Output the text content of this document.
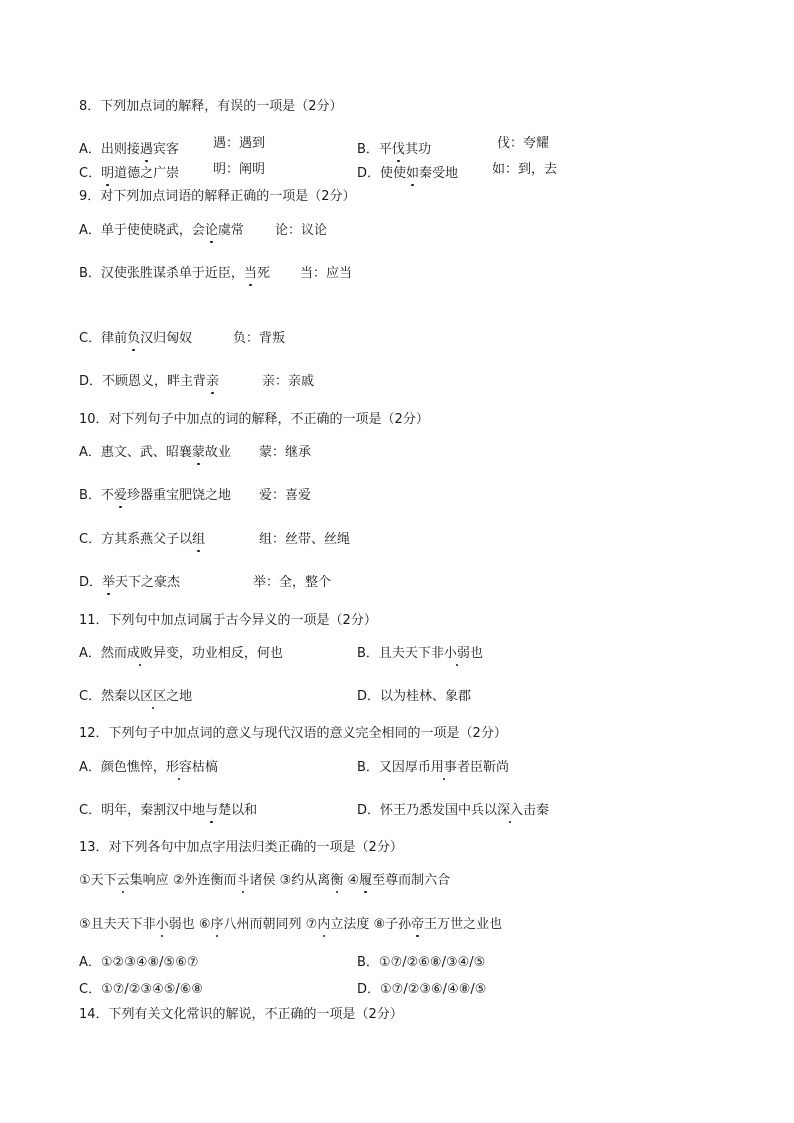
8．下列加点词的解释，有误的一项是（2分）
A．出则接遇宾客	遇：遇到	B．平伐其功	伐：夸耀
C．明道德之广崇	明：阐明	D．使使如秦受地	如：到，去
9．对下列加点词语的解释正确的一项是（2分）
A．单于使使晓武，会论虞常 论：议论
B．汉使张胜谋杀单于近臣，当死 当：应当
C．律前负汉归匈奴	负：背叛
D．不顾恩义，畔主背亲	亲：亲戚
10．对下列句子中加点的词的解释，不正确的一项是（2分）
A．惠文、武、昭襄蒙故业 蒙：继承
B．不爱珍器重宝肥饶之地 爱：喜爱
C．方其系燕父子以组	组：丝带、丝绳
D．举天下之豪杰	举：全，整个
11．下列句中加点词属于古今异义的一项是（2分）
A．然而成败异变，功业相反，何也	B．且夫天下非小弱也
C．然秦以区区之地	D．以为桂林、象郡
12．下列句子中加点词的意义与现代汉语的意义完全相同的一项是（2分）
A．颜色憔悴，形容枯槁	B．又因厚币用事者臣靳尚
C．明年，秦割汉中地与楚以和	D．怀王乃悉发国中兵以深入击秦
13．对下列各句中加点字用法归类正确的一项是（2分）
①天下云集响应 ②外连衡而斗诸侯 ③约从离衡 ④履至尊而制六合
⑤且夫天下非小弱也 ⑥序八州而朝同列 ⑦内立法度 ⑧子孙帝王万世之业也
A．①②③④⑧/⑤⑥⑦	B．①⑦/②⑥⑧/③④/⑤
C．①⑦/②③④⑤/⑥⑧	D．①⑦/②③⑥/④⑧/⑤
14．下列有关文化常识的解说，不正确的一项是（2分）
